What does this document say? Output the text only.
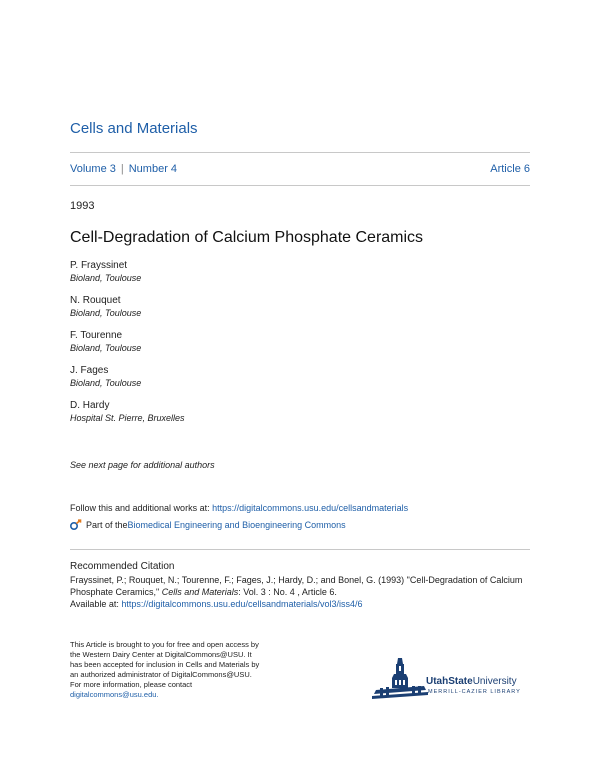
Cells and Materials
Volume 3 | Number 4	Article 6
1993
Cell-Degradation of Calcium Phosphate Ceramics
P. Frayssinet
Bioland, Toulouse
N. Rouquet
Bioland, Toulouse
F. Tourenne
Bioland, Toulouse
J. Fages
Bioland, Toulouse
D. Hardy
Hospital St. Pierre, Bruxelles
See next page for additional authors
Follow this and additional works at: https://digitalcommons.usu.edu/cellsandmaterials
Part of the Biomedical Engineering and Bioengineering Commons
Recommended Citation
Frayssinet, P.; Rouquet, N.; Tourenne, F.; Fages, J.; Hardy, D.; and Bonel, G. (1993) "Cell-Degradation of Calcium Phosphate Ceramics," Cells and Materials: Vol. 3 : No. 4 , Article 6.
Available at: https://digitalcommons.usu.edu/cellsandmaterials/vol3/iss4/6
This Article is brought to you for free and open access by
the Western Dairy Center at DigitalCommons@USU. It
has been accepted for inclusion in Cells and Materials by
an authorized administrator of DigitalCommons@USU.
For more information, please contact
digitalcommons@usu.edu.
UtahStateUniversity
MERRILL-CAZIER LIBRARY
